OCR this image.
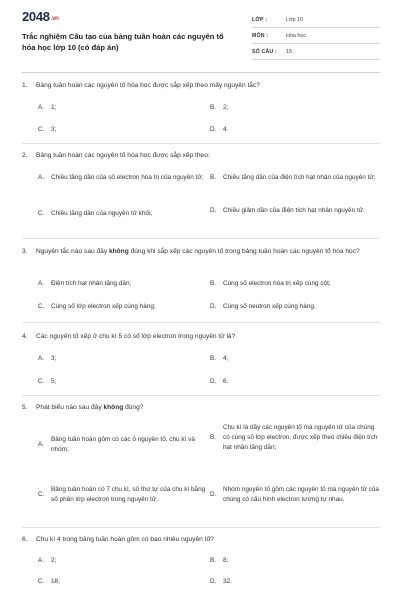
2048.vn
Trắc nghiệm Cấu tạo của bảng tuần hoàn các nguyên tố hóa học lớp 10 (có đáp án)
LỚP :	Lớp 10
MÔN :	Hóa học
SỐ CÂU :	15
1.	Bảng tuần hoàn các nguyên tố hóa học được sắp xếp theo mấy nguyên tắc?
A.	1;	B.	2;
C.	3;	D.	4.
2.	Bảng tuần hoàn các nguyên tố hóa học được sắp xếp theo:
A.	Chiều tăng dần của số electron hóa trị của nguyên tử; B.	Chiều tăng dần của điện tích hạt nhân của nguyên tử;
C.	Chiều tăng dần của nguyên tử khối;	D.	Chiều giảm dần của điện tích hạt nhân nguyên tử.
3.	Nguyên tắc nào sau đây không đúng khi sắp xếp các nguyên tố trong bảng tuần hoàn các nguyên tố hóa học?
A.	Điện tích hạt nhân tăng dần;	B.	Cùng số electron hóa trị xếp cùng cột;
C.	Cùng số lớp electron xếp cùng hàng;	D.	Cùng số neutron xếp cùng hàng.
4.	Các nguyên tố xếp ở chu kì 5 có số lớp electron trong nguyên tử là?
A.	3;	B.	4;
C.	5;	D.	6.
5.	Phát biểu nào sau đây không đúng?
A.
Bảng tuần hoàn gồm có các ô nguyên tố, chu kì và nhóm;
B.
Chu kì là dãy các nguyên tố mà nguyên tử của chúng có cùng số lớp electron, được xếp theo chiều điện tích hạt nhân tăng dần;
C.
Bảng tuần hoàn có 7 chu kì, số thứ tự của chu kì bằng số phân lớp electron trong nguyên tử;
D.
Nhóm nguyên tố gồm các nguyên tố mà nguyên tử của chúng có cấu hình electron tương tự nhau.
6.	Chu kì 4 trong bảng tuần hoàn gồm có bao nhiêu nguyên tố?
A.	2;	B.	8;
C.	18;	D.	32.
